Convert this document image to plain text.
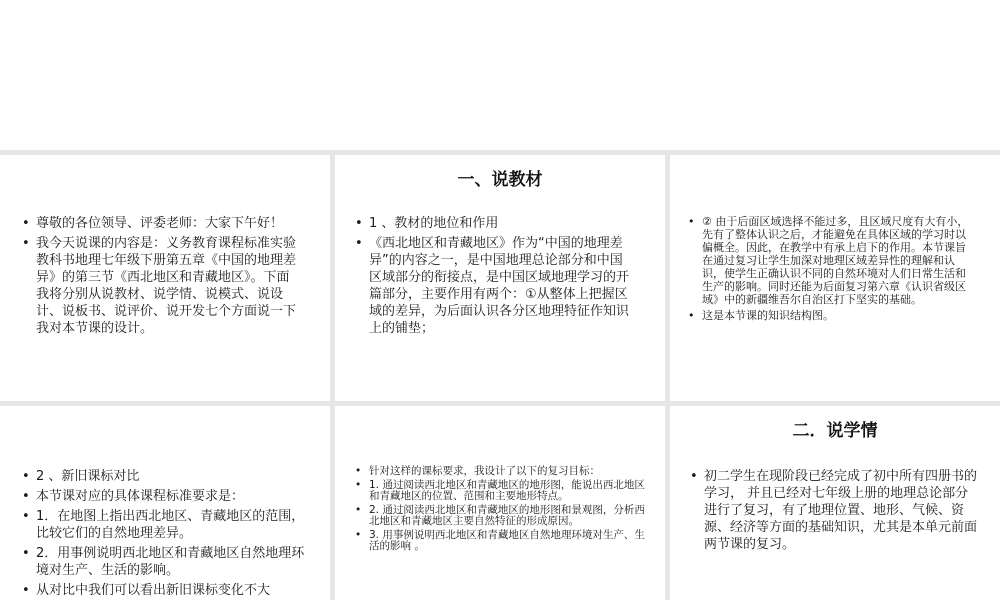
• 尊敬的各位领导、评委老师：大家下午好！
• 我今天说课的内容是：义务教育课程标准实验教科书地理七年级下册第五章《中国的地理差异》的第三节《西北地区和青藏地区》。下面我将分别从说教材、说学情、说模式、说设计、说板书、说评价、说开发七个方面说一下我对本节课的设计。
一、说教材
• 1 、教材的地位和作用
• 《西北地区和青藏地区》作为“中国的地理差异”的内容之一，是中国地理总论部分和中国区域部分的衔接点，是中国区域地理学习的开篇部分，主要作用有两个：①从整体上把握区域的差异，为后面认识各分区地理特征作知识上的铺垫；
• ② 由于后面区域选择不能过多，且区域尺度有大有小，先有了整体认识之后，才能避免在具体区域的学习时以偏概全。因此，在教学中有承上启下的作用。本节课旨在通过复习让学生加深对地理区域差异性的理解和认识，使学生正确认识不同的自然环境对人们日常生活和生产的影响。同时还能为后面复习第六章《认识省级区域》中的新疆维吾尔自治区打下坚实的基础。
• 这是本节课的知识结构图。
• 2 、新旧课标对比
• 本节课对应的具体课程标准要求是：
• 1．在地图上指出西北地区、青藏地区的范围，比较它们的自然地理差异。
• 2．用事例说明西北地区和青藏地区自然地理环境对生产、生活的影响。
• 从对比中我们可以看出新旧课标变化不大
• 针对这样的课标要求，我设计了以下的复习目标：
• 1. 通过阅读西北地区和青藏地区的地形图，能说出西北地区和青藏地区的位置、范围和主要地形特点。
• 2. 通过阅读西北地区和青藏地区的地形图和景观图，分析西北地区和青藏地区主要自然特征的形成原因。
• 3. 用事例说明西北地区和青藏地区自然地理环境对生产、生活的影响 。
二．说学情
• 初二学生在现阶段已经完成了初中所有四册书的学习， 并且已经对七年级上册的地理总论部分进行了复习，有了地理位置、地形、气候、资源、经济等方面的基础知识，尤其是本单元前面两节课的复习。
